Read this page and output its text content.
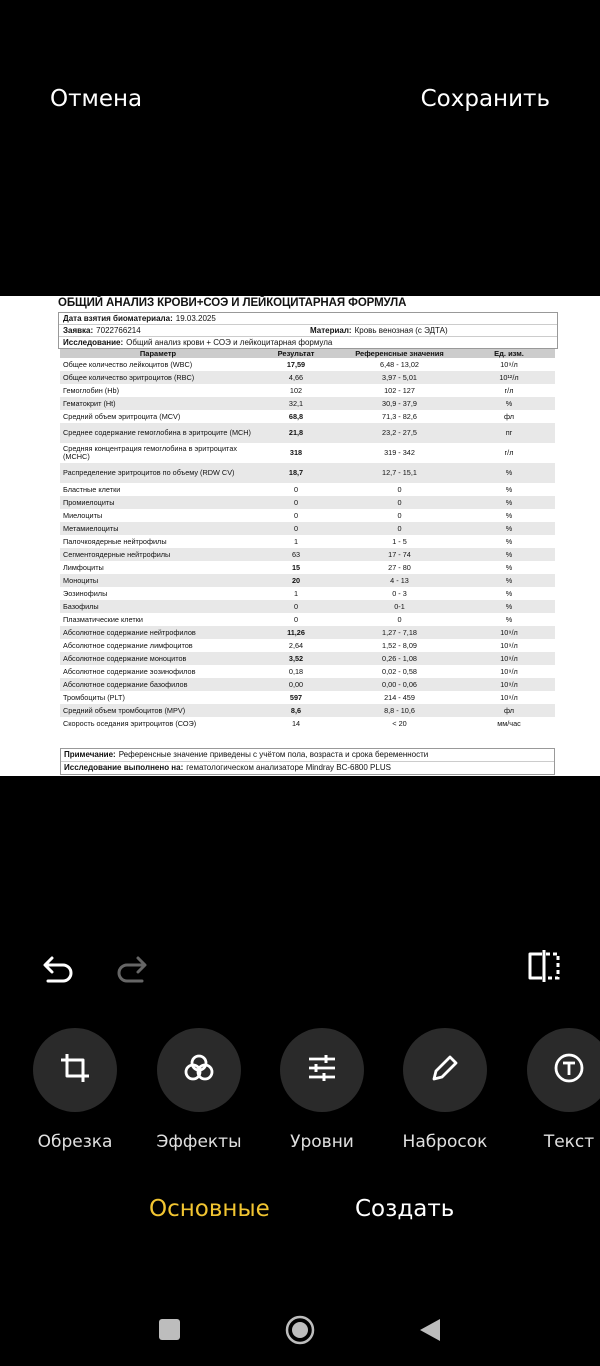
Отмена	Сохранить
ОБЩИЙ АНАЛИЗ КРОВИ+СОЭ И ЛЕЙКОЦИТАРНАЯ ФОРМУЛА
Дата взятия биоматериала: 19.03.2025
Заявка: 7022766214	Материал: Кровь венозная (с ЭДТА)
Исследование: Общий анализ крови + СОЭ и лейкоцитарная формула
Параметр	Результат	Референсные значения	Ед. изм.
Общее количество лейкоцитов (WBC)	17,59	6,48 - 13,02	10⁹/л
Общее количество эритроцитов (RBC)	4,66	3,97 - 5,01	10¹²/л
Гемоглобин (Hb)	102	102 - 127	г/л
Гематокрит (Ht)	32,1	30,9 - 37,9	%
Средний объем эритроцита (MCV)	68,8	71,3 - 82,6	фл
Среднее содержание гемоглобина в эритроците (MCH)	21,8	23,2 - 27,5	пг
Средняя концентрация гемоглобина в эритроцитах (MCHC)	318	319 - 342	г/л
Распределение эритроцитов по объему (RDW CV)	18,7	12,7 - 15,1	%
Бластные клетки	0	0	%
Промиелоциты	0	0	%
Миелоциты	0	0	%
Метамиелоциты	0	0	%
Палочкоядерные нейтрофилы	1	1 - 5	%
Сегментоядерные нейтрофилы	63	17 - 74	%
Лимфоциты	15	27 - 80	%
Моноциты	20	4 - 13	%
Эозинофилы	1	0 - 3	%
Базофилы	0	0-1	%
Плазматические клетки	0	0	%
Абсолютное содержание нейтрофилов	11,26	1,27 - 7,18	10⁹/л
Абсолютное содержание лимфоцитов	2,64	1,52 - 8,09	10⁹/л
Абсолютное содержание моноцитов	3,52	0,26 - 1,08	10⁹/л
Абсолютное содержание эозинофилов	0,18	0,02 - 0,58	10⁹/л
Абсолютное содержание базофилов	0,00	0,00 - 0,06	10⁹/л
Тромбоциты (PLT)	597	214 - 459	10⁹/л
Средний объем тромбоцитов (MPV)	8,6	8,8 - 10,6	фл
Скорость оседания эритроцитов (СОЭ)	14	< 20	мм/час
Примечание: Референсные значение приведены с учётом пола, возраста и срока беременности
Исследование выполнено на: гематологическом анализаторе Mindray BC-6800 PLUS
Обрезка	Эффекты	Уровни	Набросок	Текст
Основные	Создать
